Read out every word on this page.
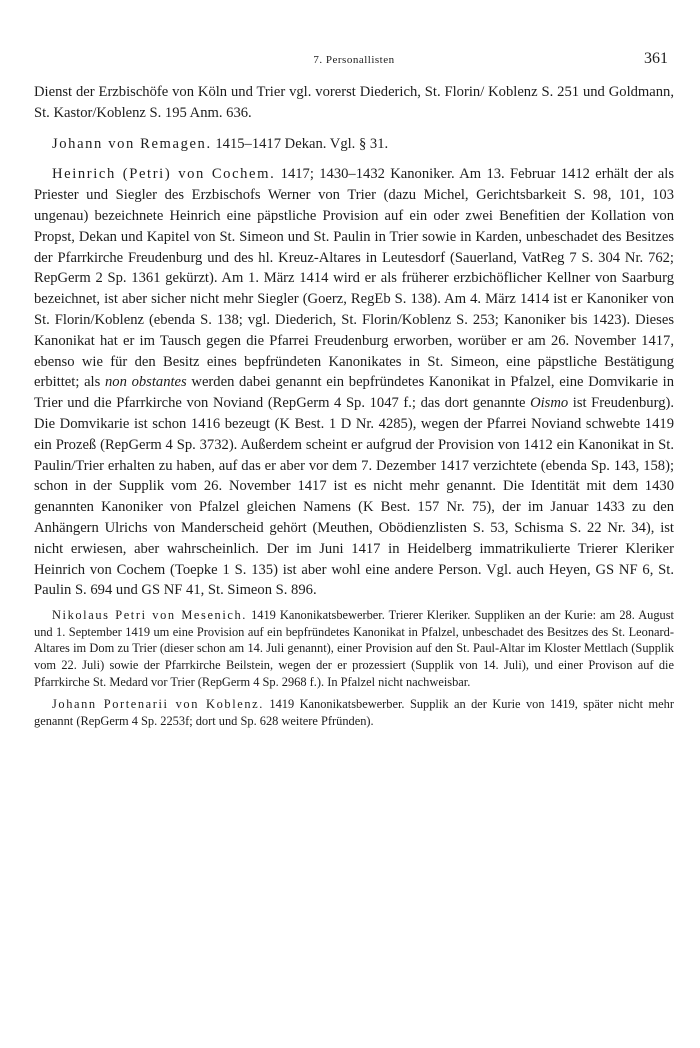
7. Personallisten	361

Dienst der Erzbischöfe von Köln und Trier vgl. vorerst Diederich, St. Florin/ Koblenz S. 251 und Goldmann, St. Kastor/Koblenz S. 195 Anm. 636.

Johann von Remagen. 1415–1417 Dekan. Vgl. § 31.

Heinrich (Petri) von Cochem. 1417; 1430–1432 Kanoniker. Am 13. Februar 1412 erhält der als Priester und Siegler des Erzbischofs Werner von Trier (dazu Michel, Gerichtsbarkeit S. 98, 101, 103 ungenau) bezeichnete Heinrich eine päpstliche Provision auf ein oder zwei Benefitien der Kollation von Propst, Dekan und Kapitel von St. Simeon und St. Paulin in Trier sowie in Karden, unbeschadet des Besitzes der Pfarrkirche Freudenburg und des hl. Kreuz-Altares in Leutesdorf (Sauerland, VatReg 7 S. 304 Nr. 762; RepGerm 2 Sp. 1361 gekürzt). Am 1. März 1414 wird er als früherer erzbichöflicher Kellner von Saarburg bezeichnet, ist aber sicher nicht mehr Siegler (Goerz, RegEb S. 138). Am 4. März 1414 ist er Kanoniker von St. Florin/Koblenz (ebenda S. 138; vgl. Diederich, St. Florin/Koblenz S. 253; Kanoniker bis 1423). Dieses Kanonikat hat er im Tausch gegen die Pfarrei Freudenburg erworben, worüber er am 26. November 1417, ebenso wie für den Besitz eines bepfründeten Kanonikates in St. Simeon, eine päpstliche Bestätigung erbittet; als non obstantes werden dabei genannt ein bepfründetes Kanonikat in Pfalzel, eine Domvikarie in Trier und die Pfarrkirche von Noviand (RepGerm 4 Sp. 1047 f.; das dort genannte Oismo ist Freudenburg). Die Domvikarie ist schon 1416 bezeugt (K Best. 1 D Nr. 4285), wegen der Pfarrei Noviand schwebte 1419 ein Prozeß (RepGerm 4 Sp. 3732). Außerdem scheint er aufgrud der Provision von 1412 ein Kanonikat in St. Paulin/Trier erhalten zu haben, auf das er aber vor dem 7. Dezember 1417 verzichtete (ebenda Sp. 143, 158); schon in der Supplik vom 26. November 1417 ist es nicht mehr genannt. Die Identität mit dem 1430 genannten Kanoniker von Pfalzel gleichen Namens (K Best. 157 Nr. 75), der im Januar 1433 zu den Anhängern Ulrichs von Manderscheid gehört (Meuthen, Obödienzlisten S. 53, Schisma S. 22 Nr. 34), ist nicht erwiesen, aber wahrscheinlich. Der im Juni 1417 in Heidelberg immatrikulierte Trierer Kleriker Heinrich von Cochem (Toepke 1 S. 135) ist aber wohl eine andere Person. Vgl. auch Heyen, GS NF 6, St. Paulin S. 694 und GS NF 41, St. Simeon S. 896.

Nikolaus Petri von Mesenich. 1419 Kanonikatsbewerber. Trierer Kleriker. Suppliken an der Kurie: am 28. August und 1. September 1419 um eine Provision auf ein bepfründetes Kanonikat in Pfalzel, unbeschadet des Besitzes des St. Leonard-Altares im Dom zu Trier (dieser schon am 14. Juli genannt), einer Provision auf den St. Paul-Altar im Kloster Mettlach (Supplik vom 22. Juli) sowie der Pfarrkirche Beilstein, wegen der er prozessiert (Supplik von 14. Juli), und einer Provison auf die Pfarrkirche St. Medard vor Trier (RepGerm 4 Sp. 2968 f.). In Pfalzel nicht nachweisbar.

Johann Portenarii von Koblenz. 1419 Kanonikatsbewerber. Supplik an der Kurie von 1419, später nicht mehr genannt (RepGerm 4 Sp. 2253f; dort und Sp. 628 weitere Pfründen).
